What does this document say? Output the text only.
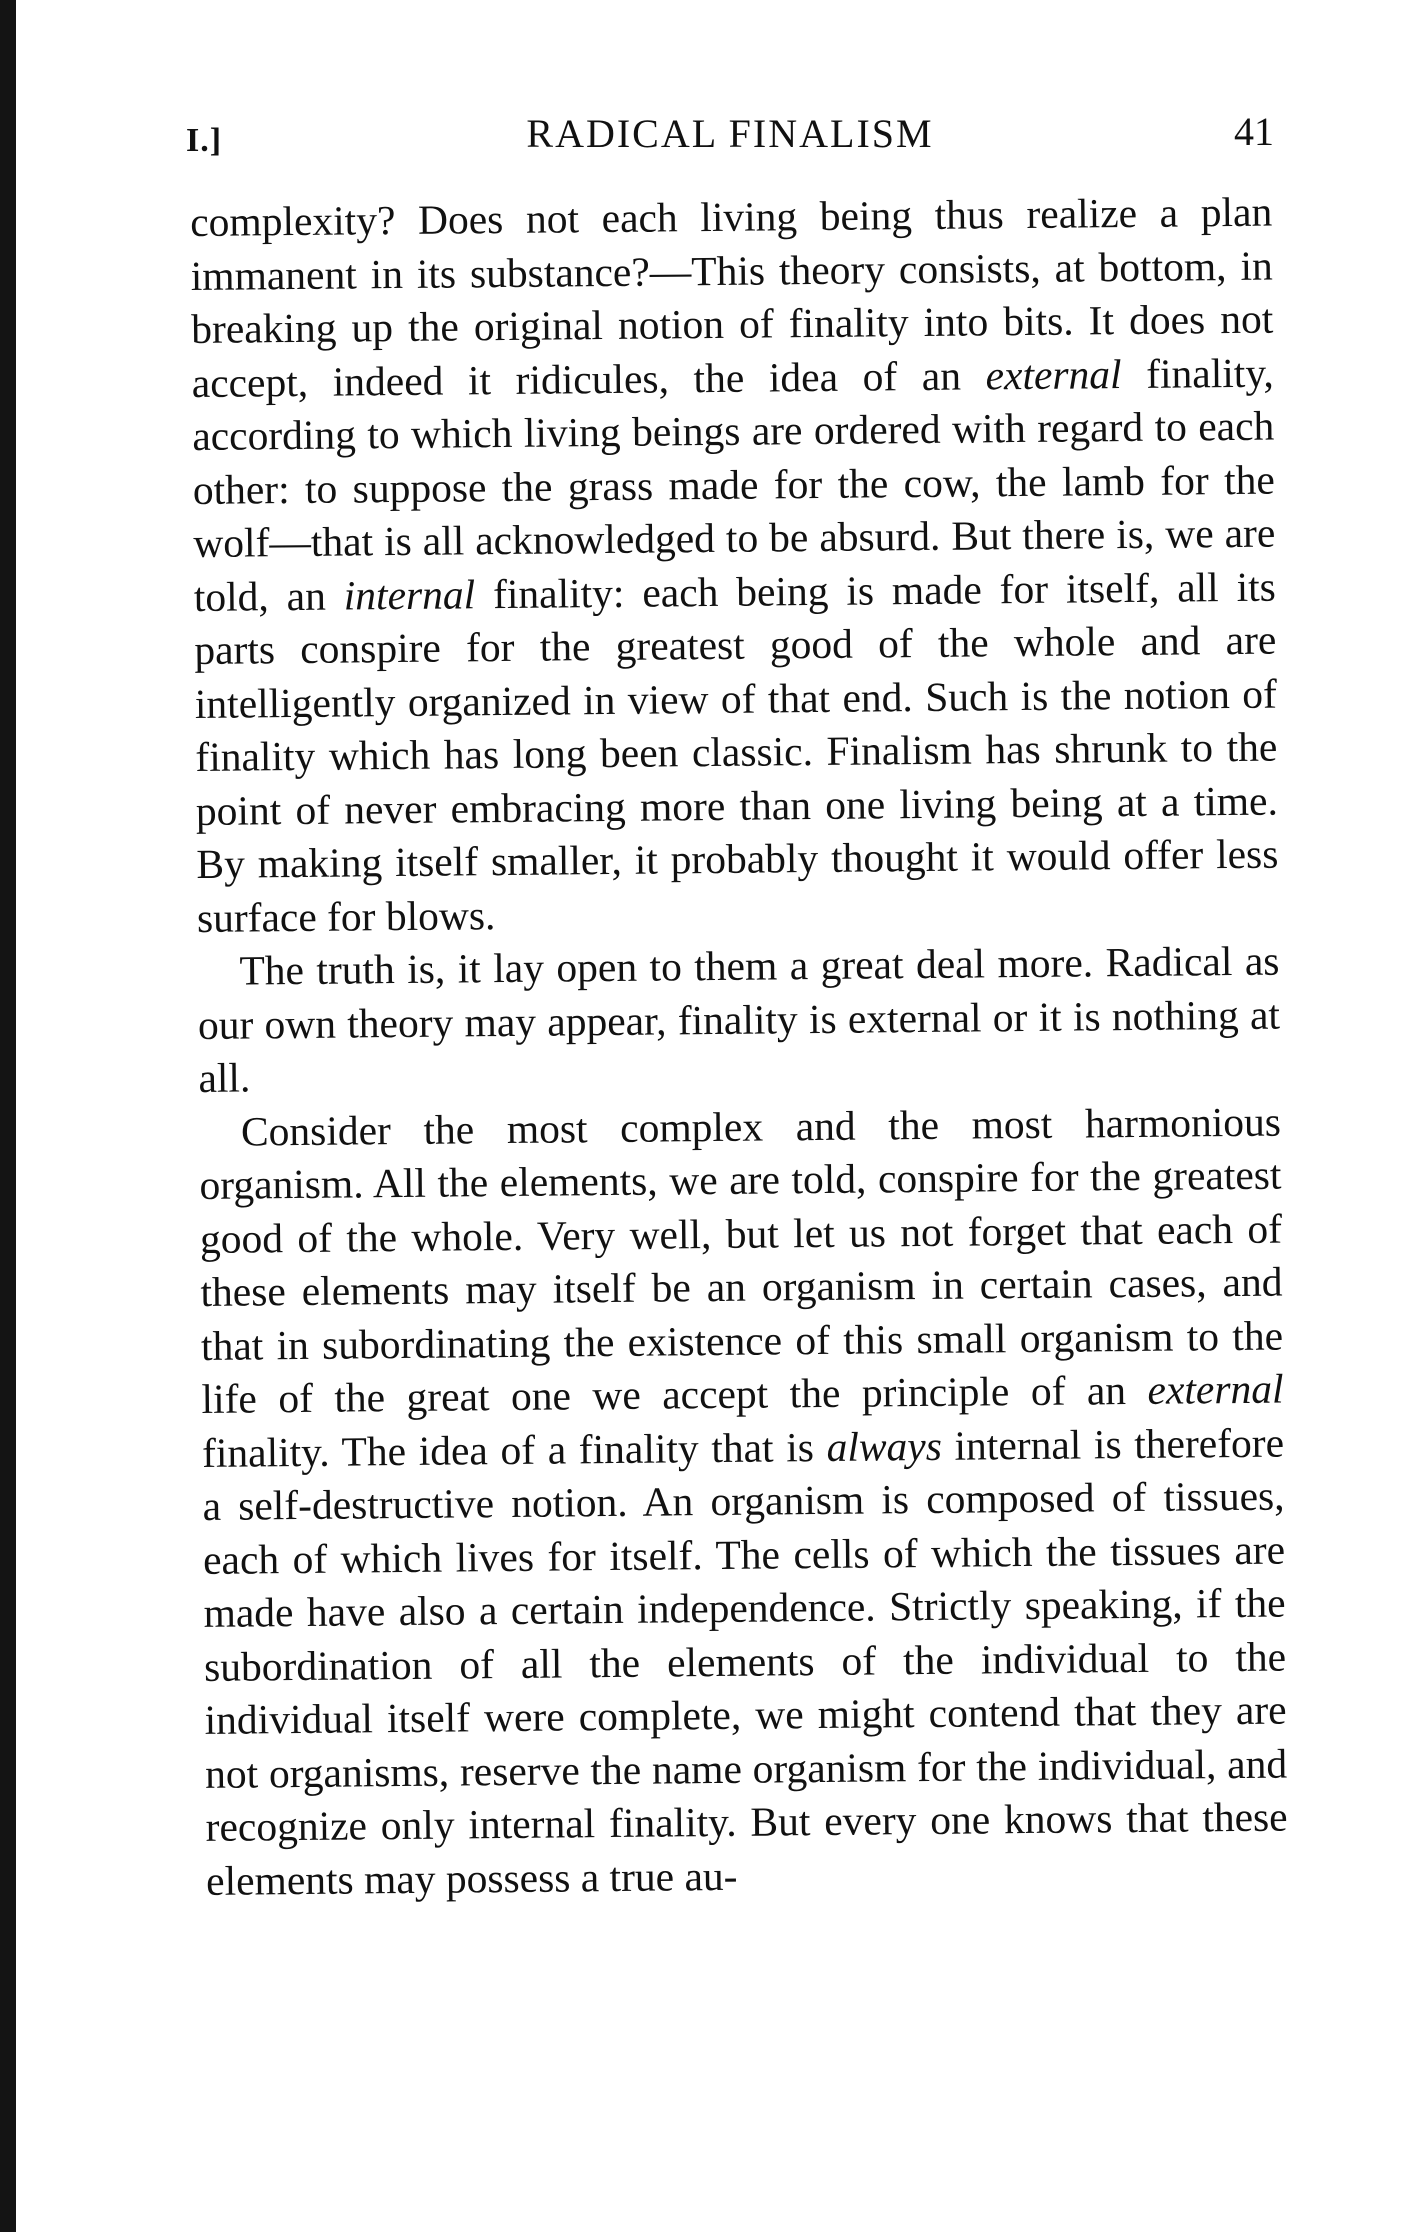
I.]	RADICAL FINALISM	41

complexity? Does not each living being thus realize a plan immanent in its substance?—This theory consists, at bottom, in breaking up the original notion of finality into bits. It does not accept, indeed it ridicules, the idea of an external finality, according to which living beings are ordered with regard to each other: to suppose the grass made for the cow, the lamb for the wolf—that is all acknowledged to be absurd. But there is, we are told, an internal finality: each being is made for itself, all its parts conspire for the greatest good of the whole and are intelligently organized in view of that end. Such is the notion of finality which has long been classic. Finalism has shrunk to the point of never embracing more than one living being at a time. By making itself smaller, it probably thought it would offer less surface for blows.

The truth is, it lay open to them a great deal more. Radical as our own theory may appear, finality is external or it is nothing at all.

Consider the most complex and the most harmonious organism. All the elements, we are told, conspire for the greatest good of the whole. Very well, but let us not forget that each of these elements may itself be an organism in certain cases, and that in subordinating the existence of this small organism to the life of the great one we accept the principle of an external finality. The idea of a finality that is always internal is therefore a self-destructive notion. An organism is composed of tissues, each of which lives for itself. The cells of which the tissues are made have also a certain independence. Strictly speaking, if the subordination of all the elements of the individual to the individual itself were complete, we might contend that they are not organisms, reserve the name organism for the individual, and recognize only internal finality. But every one knows that these elements may possess a true au-
